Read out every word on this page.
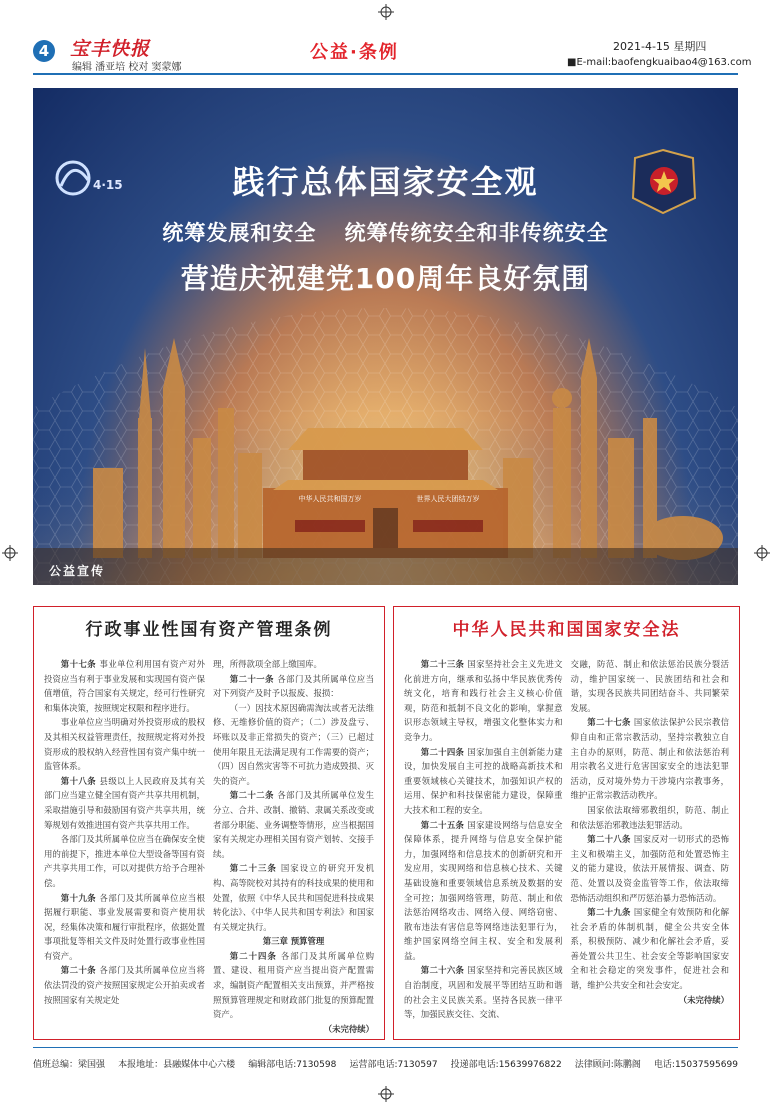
4	宝丰快报
编辑 潘亚培 校对 窦蒙娜
公益·条例	2021-4-15 星期四
■E-mail:baofengkuaibao4@163.com
4·15	践行总体国家安全观
统筹发展和安全 统筹传统安全和非传统安全
营造庆祝建党100周年良好氛围
中华人民共和国万岁	世界人民大团结万岁
公益宣传
行政事业性国有资产管理条例

第十七条 事业单位利用国有资产对外投资应当有利于事业发展和实现国有资产保值增值，符合国家有关规定，经可行性研究和集体决策，按照规定权限和程序进行。

事业单位应当明确对外投资形成的股权及其相关权益管理责任，按照规定将对外投资形成的股权纳入经营性国有资产集中统一监管体系。

第十八条 县级以上人民政府及其有关部门应当建立健全国有资产共享共用机制，采取措施引导和鼓励国有资产共享共用，统筹规划有效推进国有资产共享共用工作。

各部门及其所属单位应当在确保安全使用的前提下，推进本单位大型设备等国有资产共享共用工作，可以对提供方给予合理补偿。

第十九条 各部门及其所属单位应当根据履行职能、事业发展需要和资产使用状况，经集体决策和履行审批程序，依据处置事项批复等相关文件及时处置行政事业性国有资产。

第二十条 各部门及其所属单位应当将依法罚没的资产按照国家规定公开拍卖或者按照国家有关规定处

理，所得款项全部上缴国库。

第二十一条 各部门及其所属单位应当对下列资产及时予以报废、报损：

（一）因技术原因确需淘汰或者无法维修、无维修价值的资产；（二）涉及盘亏、坏账以及非正常损失的资产；（三）已超过使用年限且无法满足现有工作需要的资产；（四）因自然灾害等不可抗力造成毁损、灭失的资产。

第二十二条 各部门及其所属单位发生分立、合并、改制、撤销、隶属关系改变或者部分职能、业务调整等情形，应当根据国家有关规定办理相关国有资产划转、交接手续。

第二十三条 国家设立的研究开发机构、高等院校对其持有的科技成果的使用和处置，依照《中华人民共和国促进科技成果转化法》、《中华人民共和国专利法》和国家有关规定执行。

第三章 预算管理

第二十四条 各部门及其所属单位购置、建设、租用资产应当提出资产配置需求，编制资产配置相关支出预算，并严格按照预算管理规定和财政部门批复的预算配置资产。

（未完待续）

中华人民共和国国家安全法

第二十三条 国家坚持社会主义先进文化前进方向，继承和弘扬中华民族优秀传统文化，培育和践行社会主义核心价值观，防范和抵制不良文化的影响，掌握意识形态领域主导权，增强文化整体实力和竞争力。

第二十四条 国家加强自主创新能力建设，加快发展自主可控的战略高新技术和重要领域核心关键技术，加强知识产权的运用、保护和科技保密能力建设，保障重大技术和工程的安全。

第二十五条 国家建设网络与信息安全保障体系，提升网络与信息安全保护能力，加强网络和信息技术的创新研究和开发应用，实现网络和信息核心技术、关键基础设施和重要领域信息系统及数据的安全可控；加强网络管理，防范、制止和依法惩治网络攻击、网络入侵、网络窃密、散布违法有害信息等网络违法犯罪行为，维护国家网络空间主权、安全和发展利益。

第二十六条 国家坚持和完善民族区域自治制度，巩固和发展平等团结互助和谐的社会主义民族关系。坚持各民族一律平等，加强民族交往、交流、

交融，防范、制止和依法惩治民族分裂活动，维护国家统一、民族团结和社会和谐，实现各民族共同团结奋斗、共同繁荣发展。

第二十七条 国家依法保护公民宗教信仰自由和正常宗教活动，坚持宗教独立自主自办的原则，防范、制止和依法惩治利用宗教名义进行危害国家安全的违法犯罪活动，反对境外势力干涉境内宗教事务，维护正常宗教活动秩序。

国家依法取缔邪教组织，防范、制止和依法惩治邪教违法犯罪活动。

第二十八条 国家反对一切形式的恐怖主义和极端主义，加强防范和处置恐怖主义的能力建设，依法开展情报、调查、防范、处置以及资金监管等工作，依法取缔恐怖活动组织和严厉惩治暴力恐怖活动。

第二十九条 国家健全有效预防和化解社会矛盾的体制机制，健全公共安全体系，积极预防、减少和化解社会矛盾，妥善处置公共卫生、社会安全等影响国家安全和社会稳定的突发事件，促进社会和谐，维护公共安全和社会安定。

（未完待续）

值班总编：梁国强 本报地址：县融媒体中心六楼 编辑部电话:7130598 运营部电话:7130597 投递部电话:15639976822 法律顾问:陈鹏阁 电话:15037595699
